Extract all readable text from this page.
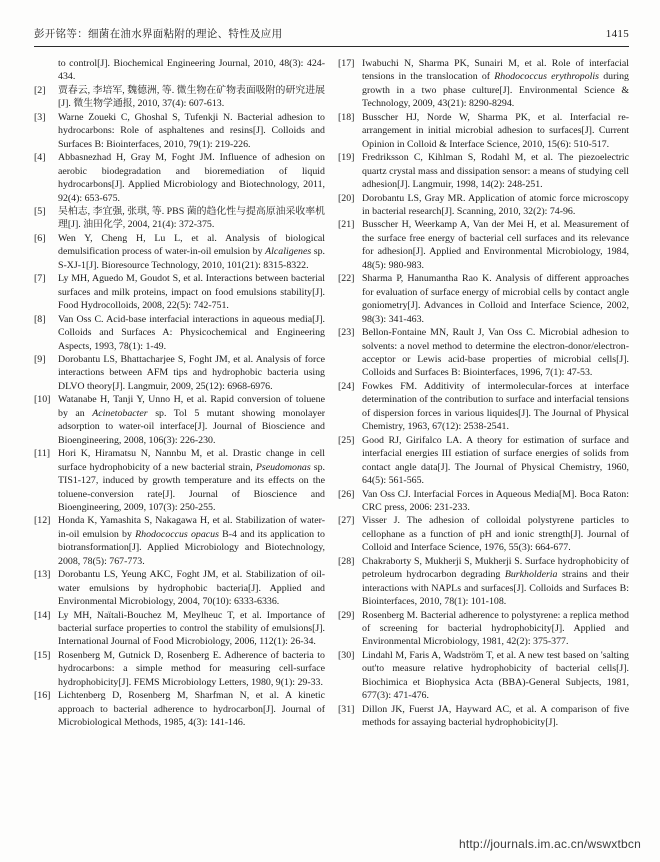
彭开铭等：细菌在油水界面粘附的理论、特性及应用	1415
to control[J]. Biochemical Engineering Journal, 2010, 48(3): 424-434.
[2]	贾春云, 李培军, 魏德洲, 等. 微生物在矿物表面吸附的研究进展[J]. 微生物学通报, 2010, 37(4): 607-613.
[3]	Warne Zoueki C, Ghoshal S, Tufenkji N. Bacterial adhesion to hydrocarbons: Role of asphaltenes and resins[J]. Colloids and Surfaces B: Biointerfaces, 2010, 79(1): 219-226.
[4]	Abbasnezhad H, Gray M, Foght JM. Influence of adhesion on aerobic biodegradation and bioremediation of liquid hydrocarbons[J]. Applied Microbiology and Biotechnology, 2011, 92(4): 653-675.
[5]	吴柏志, 李宜强, 张琪, 等. PBS 菌的趋化性与提高原油采收率机理[J]. 油田化学, 2004, 21(4): 372-375.
[6]	Wen Y, Cheng H, Lu L, et al. Analysis of biological demulsification process of water-in-oil emulsion by Alcaligenes sp. S-XJ-1[J]. Bioresource Technology, 2010, 101(21): 8315-8322.
[7]	Ly MH, Aguedo M, Goudot S, et al. Interactions between bacterial surfaces and milk proteins, impact on food emulsions stability[J]. Food Hydrocolloids, 2008, 22(5): 742-751.
[8]	Van Oss C. Acid-base interfacial interactions in aqueous media[J]. Colloids and Surfaces A: Physicochemical and Engineering Aspects, 1993, 78(1): 1-49.
[9]	Dorobantu LS, Bhattacharjee S, Foght JM, et al. Analysis of force interactions between AFM tips and hydrophobic bacteria using DLVO theory[J]. Langmuir, 2009, 25(12): 6968-6976.
[10] Watanabe H, Tanji Y, Unno H, et al. Rapid conversion of toluene by an Acinetobacter sp. Tol 5 mutant showing monolayer adsorption to water-oil interface[J]. Journal of Bioscience and Bioengineering, 2008, 106(3): 226-230.
[11] Hori K, Hiramatsu N, Nannbu M, et al. Drastic change in cell surface hydrophobicity of a new bacterial strain, Pseudomonas sp. TIS1-127, induced by growth temperature and its effects on the toluene-conversion rate[J]. Journal of Bioscience and Bioengineering, 2009, 107(3): 250-255.
[12] Honda K, Yamashita S, Nakagawa H, et al. Stabilization of water-in-oil emulsion by Rhodococcus opacus B-4 and its application to biotransformation[J]. Applied Microbiology and Biotechnology, 2008, 78(5): 767-773.
[13] Dorobantu LS, Yeung AKC, Foght JM, et al. Stabilization of oil-water emulsions by hydrophobic bacteria[J]. Applied and Environmental Microbiology, 2004, 70(10): 6333-6336.
[14] Ly MH, Naïtali-Bouchez M, Meylheuc T, et al. Importance of bacterial surface properties to control the stability of emulsions[J]. International Journal of Food Microbiology, 2006, 112(1): 26-34.
[15] Rosenberg M, Gutnick D, Rosenberg E. Adherence of bacteria to hydrocarbons: a simple method for measuring cell-surface hydrophobicity[J]. FEMS Microbiology Letters, 1980, 9(1): 29-33.
[16] Lichtenberg D, Rosenberg M, Sharfman N, et al. A kinetic approach to bacterial adherence to hydrocarbon[J]. Journal of Microbiological Methods, 1985, 4(3): 141-146.
[17] Iwabuchi N, Sharma PK, Sunairi M, et al. Role of interfacial tensions in the translocation of Rhodococcus erythropolis during growth in a two phase culture[J]. Environmental Science & Technology, 2009, 43(21): 8290-8294.
[18] Busscher HJ, Norde W, Sharma PK, et al. Interfacial re-arrangement in initial microbial adhesion to surfaces[J]. Current Opinion in Colloid & Interface Science, 2010, 15(6): 510-517.
[19] Fredriksson C, Kihlman S, Rodahl M, et al. The piezoelectric quartz crystal mass and dissipation sensor: a means of studying cell adhesion[J]. Langmuir, 1998, 14(2): 248-251.
[20] Dorobantu LS, Gray MR. Application of atomic force microscopy in bacterial research[J]. Scanning, 2010, 32(2): 74-96.
[21] Busscher H, Weerkamp A, Van der Mei H, et al. Measurement of the surface free energy of bacterial cell surfaces and its relevance for adhesion[J]. Applied and Environmental Microbiology, 1984, 48(5): 980-983.
[22] Sharma P, Hanumantha Rao K. Analysis of different approaches for evaluation of surface energy of microbial cells by contact angle goniometry[J]. Advances in Colloid and Interface Science, 2002, 98(3): 341-463.
[23] Bellon-Fontaine MN, Rault J, Van Oss C. Microbial adhesion to solvents: a novel method to determine the electron-donor/electron-acceptor or Lewis acid-base properties of microbial cells[J]. Colloids and Surfaces B: Biointerfaces, 1996, 7(1): 47-53.
[24] Fowkes FM. Additivity of intermolecular-forces at interface determination of the contribution to surface and interfacial tensions of dispersion forces in various liquides[J]. The Journal of Physical Chemistry, 1963, 67(12): 2538-2541.
[25] Good RJ, Girifalco LA. A theory for estimation of surface and interfacial energies III estiation of surface energies of solids from contact angle data[J]. The Journal of Physical Chemistry, 1960, 64(5): 561-565.
[26] Van Oss CJ. Interfacial Forces in Aqueous Media[M]. Boca Raton: CRC press, 2006: 231-233.
[27] Visser J. The adhesion of colloidal polystyrene particles to cellophane as a function of pH and ionic strength[J]. Journal of Colloid and Interface Science, 1976, 55(3): 664-677.
[28] Chakraborty S, Mukherji S, Mukherji S. Surface hydrophobicity of petroleum hydrocarbon degrading Burkholderia strains and their interactions with NAPLs and surfaces[J]. Colloids and Surfaces B: Biointerfaces, 2010, 78(1): 101-108.
[29] Rosenberg M. Bacterial adherence to polystyrene: a replica method of screening for bacterial hydrophobicity[J]. Applied and Environmental Microbiology, 1981, 42(2): 375-377.
[30] Lindahl M, Faris A, Wadström T, et al. A new test based on 'salting out'to measure relative hydrophobicity of bacterial cells[J]. Biochimica et Biophysica Acta (BBA)-General Subjects, 1981, 677(3): 471-476.
[31] Dillon JK, Fuerst JA, Hayward AC, et al. A comparison of five methods for assaying bacterial hydrophobicity[J].
http://journals.im.ac.cn/wswxtbcn
